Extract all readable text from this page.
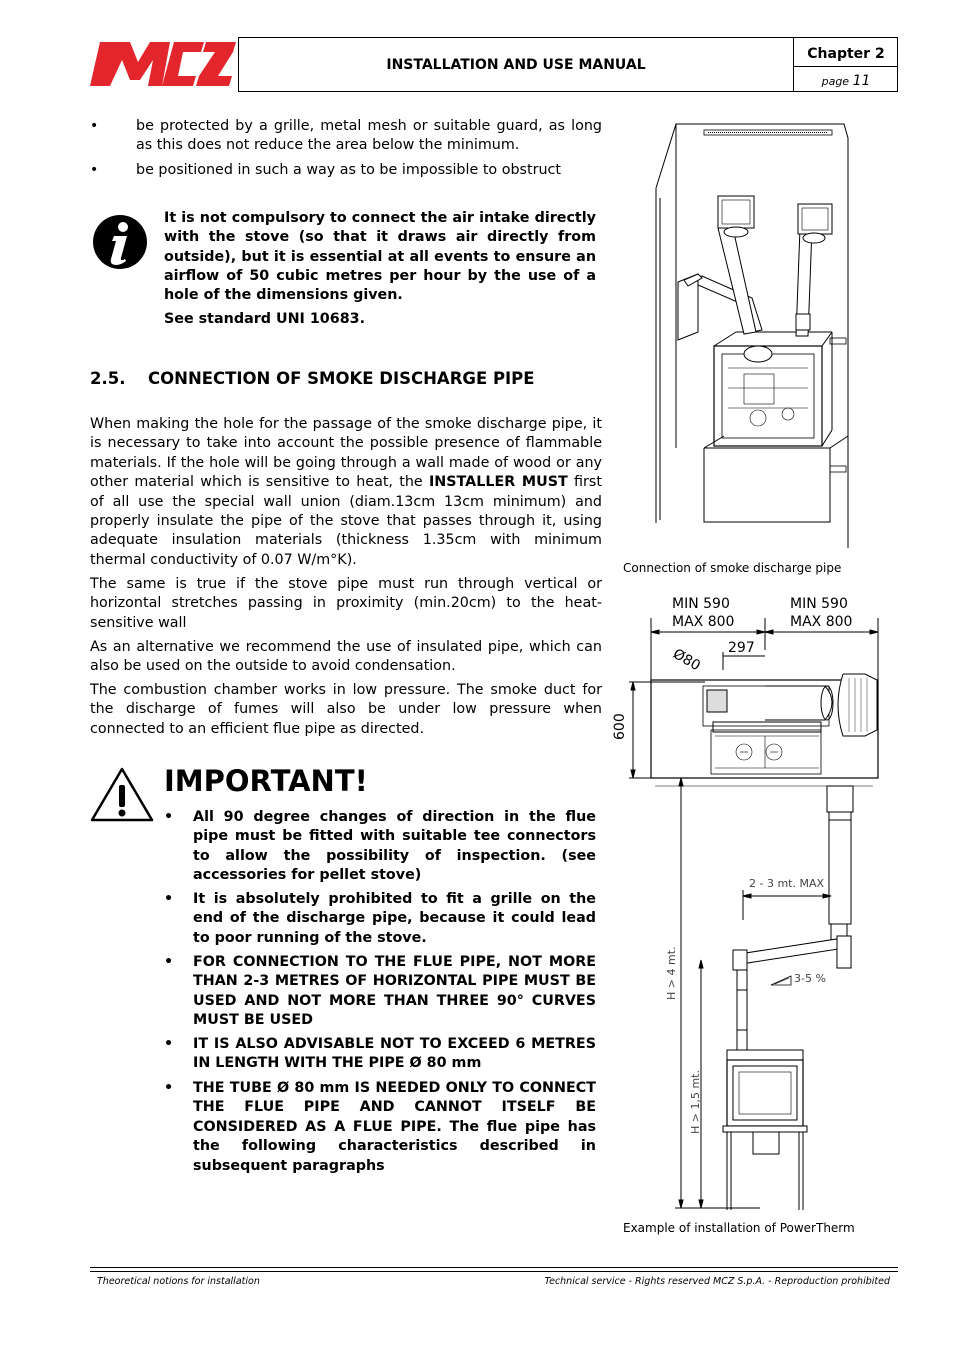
INSTALLATION AND USE MANUAL
Chapter 2
page 11
•	be protected by a grille, metal mesh or suitable guard, as long as this does not reduce the area below the minimum.
•	be positioned in such a way as to be impossible to obstruct
It is not compulsory to connect the air intake directly with the stove (so that it draws air directly from outside), but it is essential at all events to ensure an airflow of 50 cubic metres per hour by the use of a hole of the dimensions given.
See standard UNI 10683.
2.5. CONNECTION OF SMOKE DISCHARGE PIPE
When making the hole for the passage of the smoke discharge pipe, it is necessary to take into account the possible presence of flammable materials. If the hole will be going through a wall made of wood or any other material which is sensitive to heat, the INSTALLER MUST first of all use the special wall union (diam.13cm 13cm minimum) and properly insulate the pipe of the stove that passes through it, using adequate insulation materials (thickness 1.35cm with minimum thermal conductivity of 0.07 W/m°K).
The same is true if the stove pipe must run through vertical or horizontal stretches passing in proximity (min.20cm) to the heat-sensitive wall
As an alternative we recommend the use of insulated pipe, which can also be used on the outside to avoid condensation.
The combustion chamber works in low pressure. The smoke duct for the discharge of fumes will also be under low pressure when connected to an efficient flue pipe as directed.
IMPORTANT!
• All 90 degree changes of direction in the flue pipe must be fitted with suitable tee connectors to allow the possibility of inspection. (see accessories for pellet stove)
• It is absolutely prohibited to fit a grille on the end of the discharge pipe, because it could lead to poor running of the stove.
• FOR CONNECTION TO THE FLUE PIPE, NOT MORE THAN 2-3 METRES OF HORIZONTAL PIPE MUST BE USED AND NOT MORE THAN THREE 90° CURVES MUST BE USED
• IT IS ALSO ADVISABLE NOT TO EXCEED 6 METRES IN LENGTH WITH THE PIPE Ø 80 mm
• THE TUBE Ø 80 mm IS NEEDED ONLY TO CONNECT THE FLUE PIPE AND CANNOT ITSELF BE CONSIDERED AS A FLUE PIPE. The flue pipe has the following characteristics described in subsequent paragraphs
Connection of smoke discharge pipe
MIN 590
MAX 800
MIN 590
MAX 800
297
Ø80
600
2 - 3 mt. MAX
3-5 %
H > 4 mt.
H > 1,5 mt.
Example of installation of PowerTherm
Theoretical notions for installation	Technical service - Rights reserved MCZ S.p.A. - Reproduction prohibited
